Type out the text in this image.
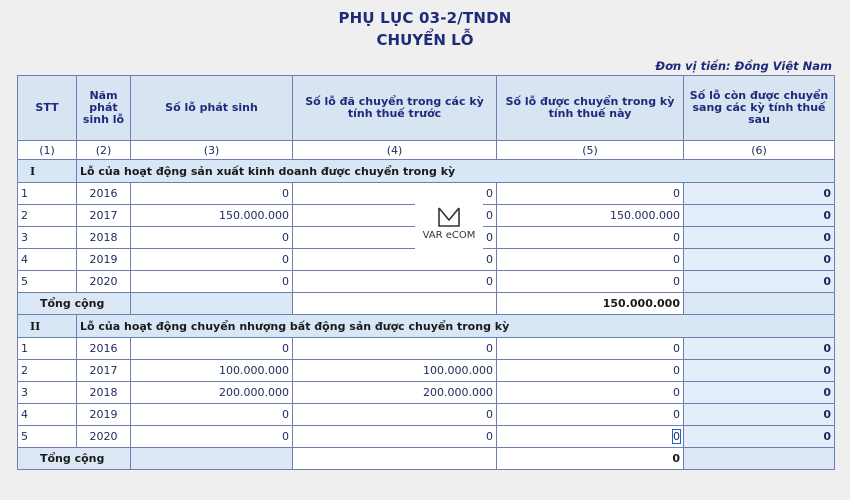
PHỤ LỤC 03-2/TNDN
CHUYỂN LỖ
Đơn vị tiền: Đồng Việt Nam
STT	Năm phát sinh lỗ	Số lỗ phát sinh	Số lỗ đã chuyển trong các kỳ tính thuế trước	Số lỗ được chuyển trong kỳ tính thuế này	Số lỗ còn được chuyển sang các kỳ tính thuế sau
(1)	(2)	(3)	(4)	(5)	(6)
I	Lỗ của hoạt động sản xuất kinh doanh được chuyển trong kỳ				
1	2016	0	0	0	0
2	2017	150.000.000	0	150.000.000	0
3	2018	0	0	0	0
4	2019	0	0	0	0
5	2020	0	0	0	0
Tổng cộng				150.000.000	
II	Lỗ của hoạt động chuyển nhượng bất động sản được chuyển trong kỳ				
1	2016	0	0	0	0
2	2017	100.000.000	100.000.000	0	0
3	2018	200.000.000	200.000.000	0	0
4	2019	0	0	0	0
5	2020	0	0	0	0
Tổng cộng				0	
VAR eCOM
